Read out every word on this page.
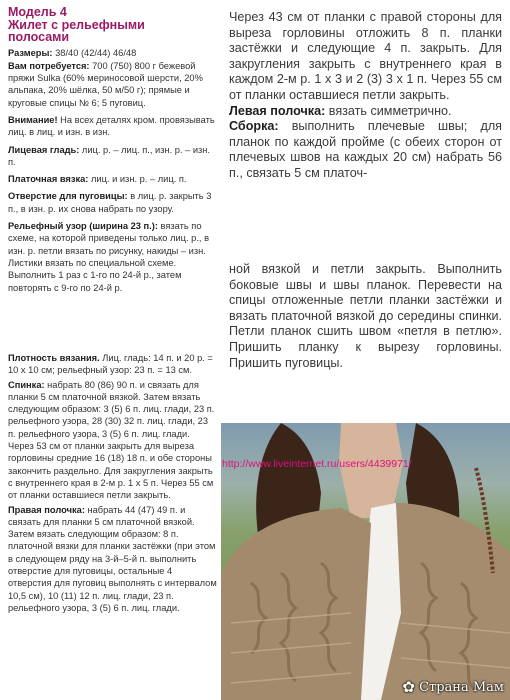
Модель 4
Жилет с рельефными
полосами

Размеры: 38/40 (42/44) 46/48

Вам потребуется: 700 (750) 800 г бежевой пряжи Sulka (60% мериносовой шерсти, 20% альпака, 20% шёлка, 50 м/50 г); прямые и круговые спицы № 6; 5 пуговиц.

Внимание! На всех деталях кром. провязывать лиц. в лиц. и изн. в изн.

Лицевая гладь: лиц. р. – лиц. п., изн. р. – изн. п.

Платочная вязка: лиц. и изн. р. – лиц. п.

Отверстие для пуговицы: в лиц. р. закрыть 3 п., в изн. р. их снова набрать по узору.

Рельефный узор (ширина 23 п.): вязать по схеме, на которой приведены только лиц. р., в изн. р. петли вязать по рисунку, накиды – изн. Листики вязать по специальной схеме. Выполнить 1 раз с 1-го по 24-й р., затем повторять с 9-го по 24-й р.

Плотность вязания. Лиц. гладь: 14 п. и 20 р. = 10 х 10 см; рельефный узор: 23 п. = 13 см.

Спинка: набрать 80 (86) 90 п. и связать для планки 5 см платочной вязкой. Затем вязать следующим образом: 3 (5) 6 п. лиц. глади, 23 п. рельефного узора, 28 (30) 32 п. лиц. глади, 23 п. рельефного узора, 3 (5) 6 п. лиц. глади. Через 53 см от планки закрыть для выреза горловины средние 16 (18) 18 п. и обе стороны закончить раздельно. Для закругления закрыть с внутреннего края в 2-м р. 1 х 5 п. Через 55 см от планки оставшиеся петли закрыть.

Правая полочка: набрать 44 (47) 49 п. и связать для планки 5 см платочной вязкой. Затем вязать следующим образом: 8 п. платочной вязки для планки застёжки (при этом в следующем ряду на 3-й–5-й п. выполнить отверстие для пуговицы, остальные 4 отверстия для пуговиц выполнять с интервалом 10,5 см), 10 (11) 12 п. лиц. глади, 23 п. рельефного узора, 3 (5) 6 п. лиц. глади.

Через 43 см от планки с правой стороны для выреза горловины отложить 8 п. планки застёжки и следующие 4 п. закрыть. Для закругления закрыть с внутреннего края в каждом 2-м р. 1 х 3 и 2 (3) 3 х 1 п. Через 55 см от планки оставшиеся петли закрыть.

Левая полочка: вязать симметрично.

Сборка: выполнить плечевые швы; для планок по каждой пройме (с обеих сторон от плечевых швов на каждых 20 см) набрать 56 п., связать 5 см платоч-

ной вязкой и петли закрыть. Выполнить боковые швы и швы планок. Перевести на спицы отложенные петли планки застёжки и вязать платочной вязкой до середины спинки. Петли планок сшить швом «петля в петлю». Пришить планку к вырезу горловины. Пришить пуговицы.

✿ Страна Мам
http://www.liveinternet.ru/users/4439971/
